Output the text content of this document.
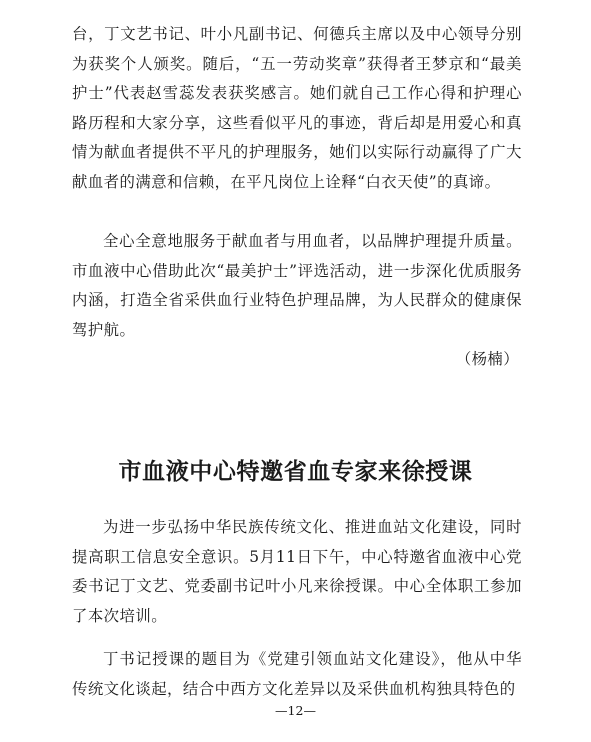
台，丁文艺书记、叶小凡副书记、何德兵主席以及中心领导分别为获奖个人颁奖。随后，“五一劳动奖章”获得者王梦京和“最美护士”代表赵雪蕊发表获奖感言。她们就自己工作心得和护理心路历程和大家分享，这些看似平凡的事迹，背后却是用爱心和真情为献血者提供不平凡的护理服务，她们以实际行动赢得了广大献血者的满意和信赖，在平凡岗位上诠释“白衣天使”的真谛。

全心全意地服务于献血者与用血者，以品牌护理提升质量。市血液中心借助此次“最美护士”评选活动，进一步深化优质服务内涵，打造全省采供血行业特色护理品牌，为人民群众的健康保驾护航。

（杨楠）

市血液中心特邀省血专家来徐授课

为进一步弘扬中华民族传统文化、推进血站文化建设，同时提高职工信息安全意识。5月11日下午，中心特邀省血液中心党委书记丁文艺、党委副书记叶小凡来徐授课。中心全体职工参加了本次培训。

丁书记授课的题目为《党建引领血站文化建设》，他从中华传统文化谈起，结合中西方文化差异以及采供血机构独具特色的

—12—
